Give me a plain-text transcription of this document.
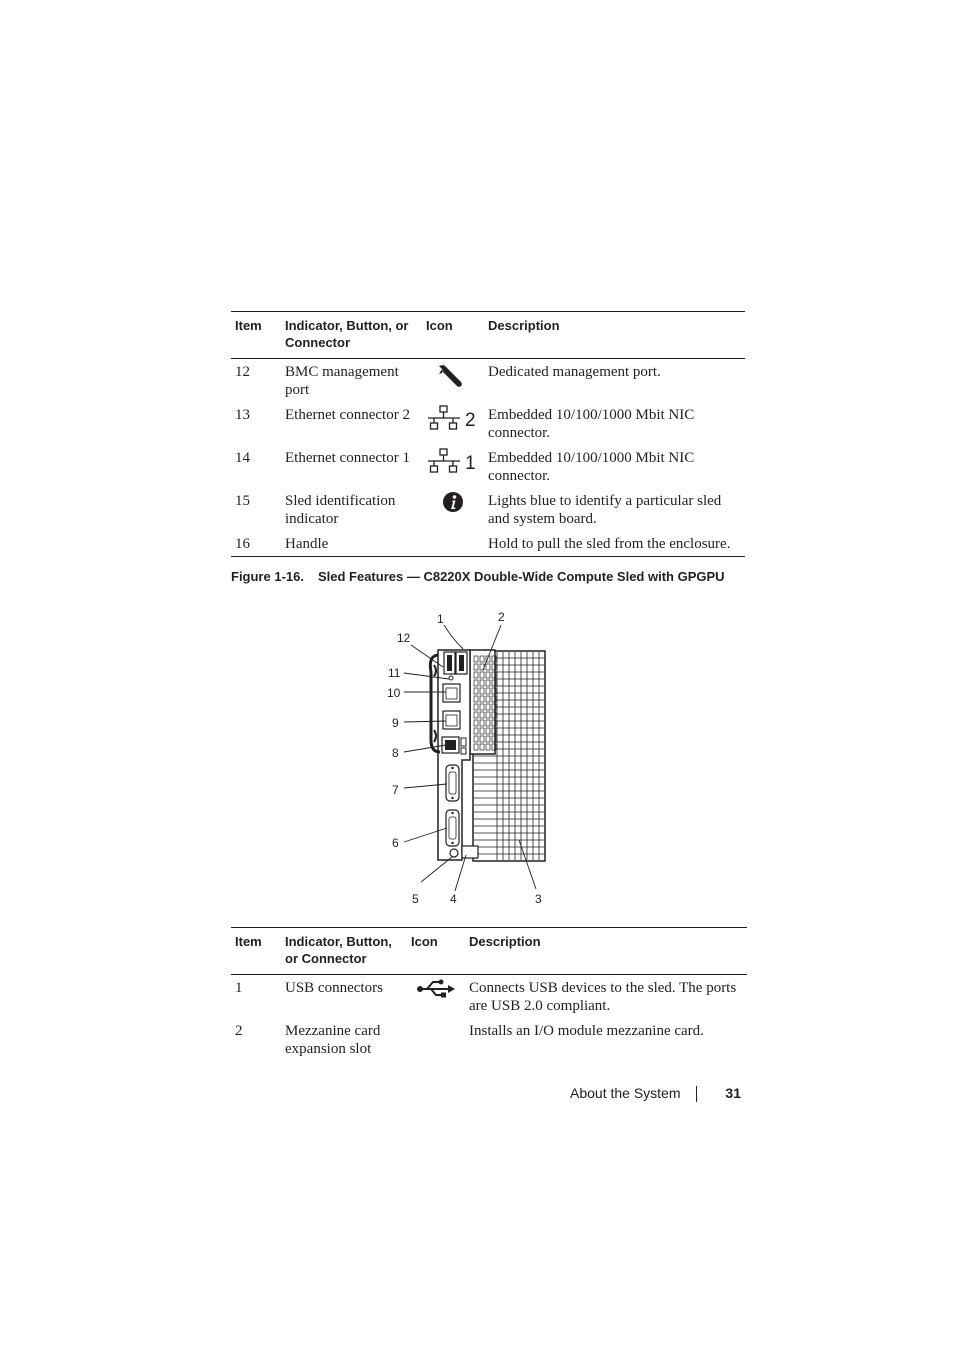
Item	Indicator, Button, or Connector	Icon	Description
12	BMC management port		Dedicated management port.
13	Ethernet connector 2	2	Embedded 10/100/1000 Mbit NIC connector.
14	Ethernet connector 1	1	Embedded 10/100/1000 Mbit NIC connector.
15	Sled identification indicator		Lights blue to identify a particular sled and system board.
16	Handle		Hold to pull the sled from the enclosure.
Figure 1-16. Sled Features — C8220X Double-Wide Compute Sled with GPGPU
1	2
12
11
10
9
8
7
6
5	4	3
Item	Indicator, Button, or Connector	Icon	Description
1	USB connectors		Connects USB devices to the sled. The ports are USB 2.0 compliant.
2	Mezzanine card expansion slot		Installs an I/O module mezzanine card.
About the System	31
